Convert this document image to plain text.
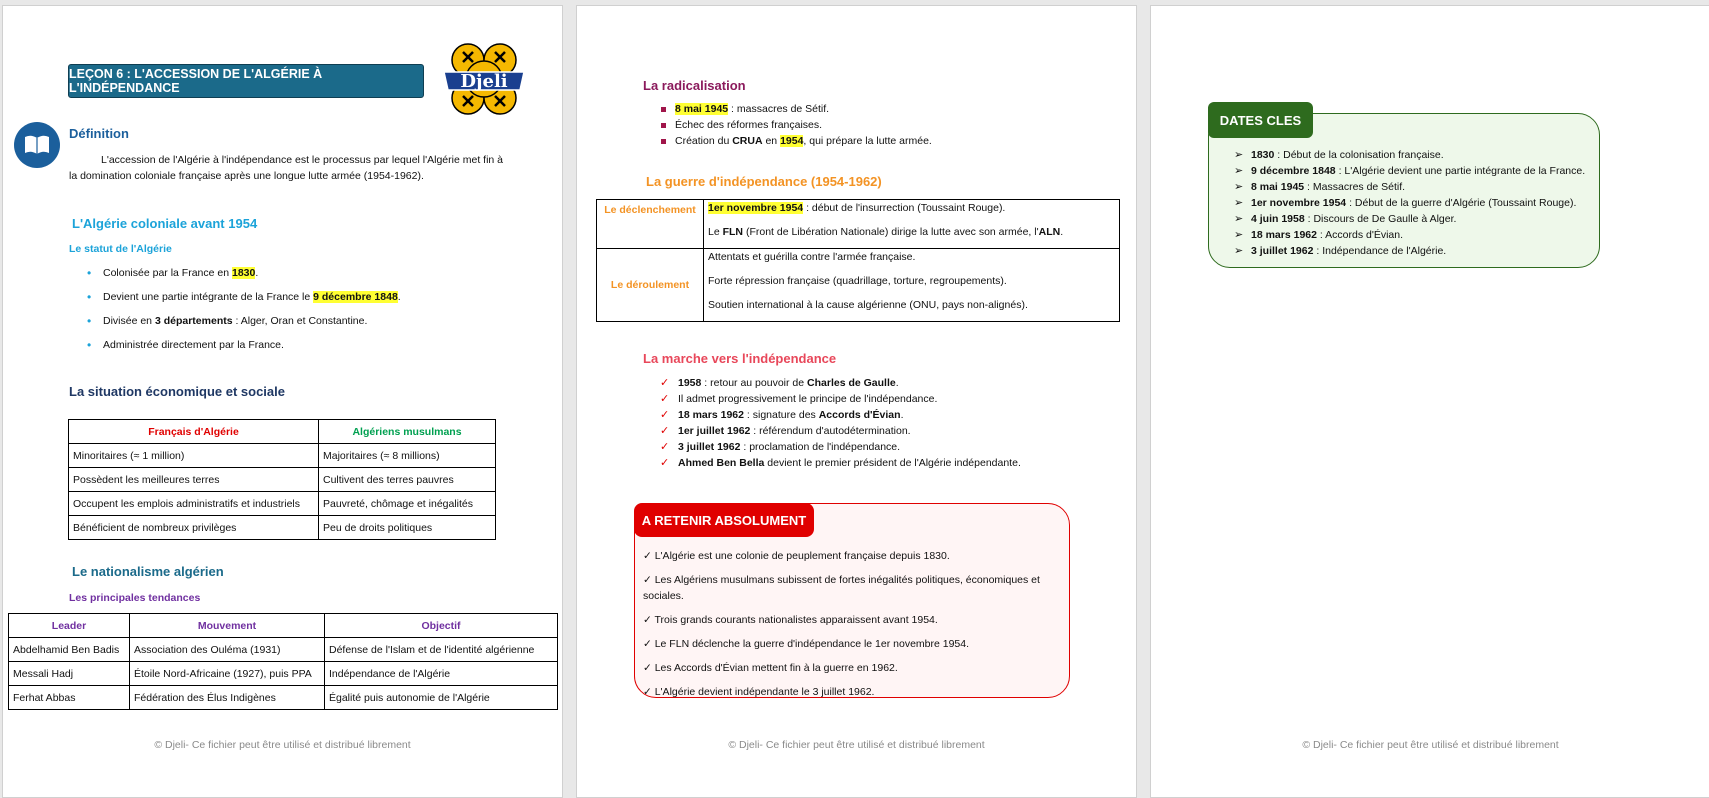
LEÇON 6 : L'ACCESSION DE L'ALGÉRIE À L'INDÉPENDANCE	Djeli
Définition
L'accession de l'Algérie à l'indépendance est le processus par lequel l'Algérie met fin à la domination coloniale française après une longue lutte armée (1954-1962).
L'Algérie coloniale avant 1954
Le statut de l'Algérie
• Colonisée par la France en 1830.
• Devient une partie intégrante de la France le 9 décembre 1848.
• Divisée en 3 départements : Alger, Oran et Constantine.
• Administrée directement par la France.
La situation économique et sociale
Français d'Algérie	Algériens musulmans
Minoritaires (≈ 1 million)	Majoritaires (≈ 8 millions)
Possèdent les meilleures terres	Cultivent des terres pauvres
Occupent les emplois administratifs et industriels	Pauvreté, chômage et inégalités
Bénéficient de nombreux privilèges	Peu de droits politiques
Le nationalisme algérien
Les principales tendances
Leader	Mouvement	Objectif
Abdelhamid Ben Badis	Association des Ouléma (1931)	Défense de l'Islam et de l'identité algérienne
Messali Hadj	Étoile Nord-Africaine (1927), puis PPA	Indépendance de l'Algérie
Ferhat Abbas	Fédération des Élus Indigènes	Égalité puis autonomie de l'Algérie
© Djeli- Ce fichier peut être utilisé et distribué librement
La radicalisation
8 mai 1945 : massacres de Sétif.
Échec des réformes françaises.
Création du CRUA en 1954, qui prépare la lutte armée.
La guerre d'indépendance (1954-1962)
Le déclenchement	1er novembre 1954 : début de l'insurrection (Toussaint Rouge).
Le FLN (Front de Libération Nationale) dirige la lutte avec son armée, l'ALN.

Le déroulement	Attentats et guérilla contre l'armée française.
Forte répression française (quadrillage, torture, regroupements).
Soutien international à la cause algérienne (ONU, pays non-alignés).
La marche vers l'indépendance
✓ 1958 : retour au pouvoir de Charles de Gaulle.
✓ Il admet progressivement le principe de l'indépendance.
✓ 18 mars 1962 : signature des Accords d'Évian.
✓ 1er juillet 1962 : référendum d'autodétermination.
✓ 3 juillet 1962 : proclamation de l'indépendance.
✓ Ahmed Ben Bella devient le premier président de l'Algérie indépendante.
✓ L'Algérie est une colonie de peuplement française depuis 1830.
✓ Les Algériens musulmans subissent de fortes inégalités politiques, économiques et sociales.
✓ Trois grands courants nationalistes apparaissent avant 1954.
✓ Le FLN déclenche la guerre d'indépendance le 1er novembre 1954.
✓ Les Accords d'Évian mettent fin à la guerre en 1962.
✓ L'Algérie devient indépendante le 3 juillet 1962.
A RETENIR ABSOLUMENT
© Djeli- Ce fichier peut être utilisé et distribué librement
➢ 1830 : Début de la colonisation française.
➢ 9 décembre 1848 : L'Algérie devient une partie intégrante de la France.
➢ 8 mai 1945 : Massacres de Sétif.
➢ 1er novembre 1954 : Début de la guerre d'Algérie (Toussaint Rouge).
➢ 4 juin 1958 : Discours de De Gaulle à Alger.
➢ 18 mars 1962 : Accords d'Évian.
➢ 3 juillet 1962 : Indépendance de l'Algérie.
DATES CLES
© Djeli- Ce fichier peut être utilisé et distribué librement
